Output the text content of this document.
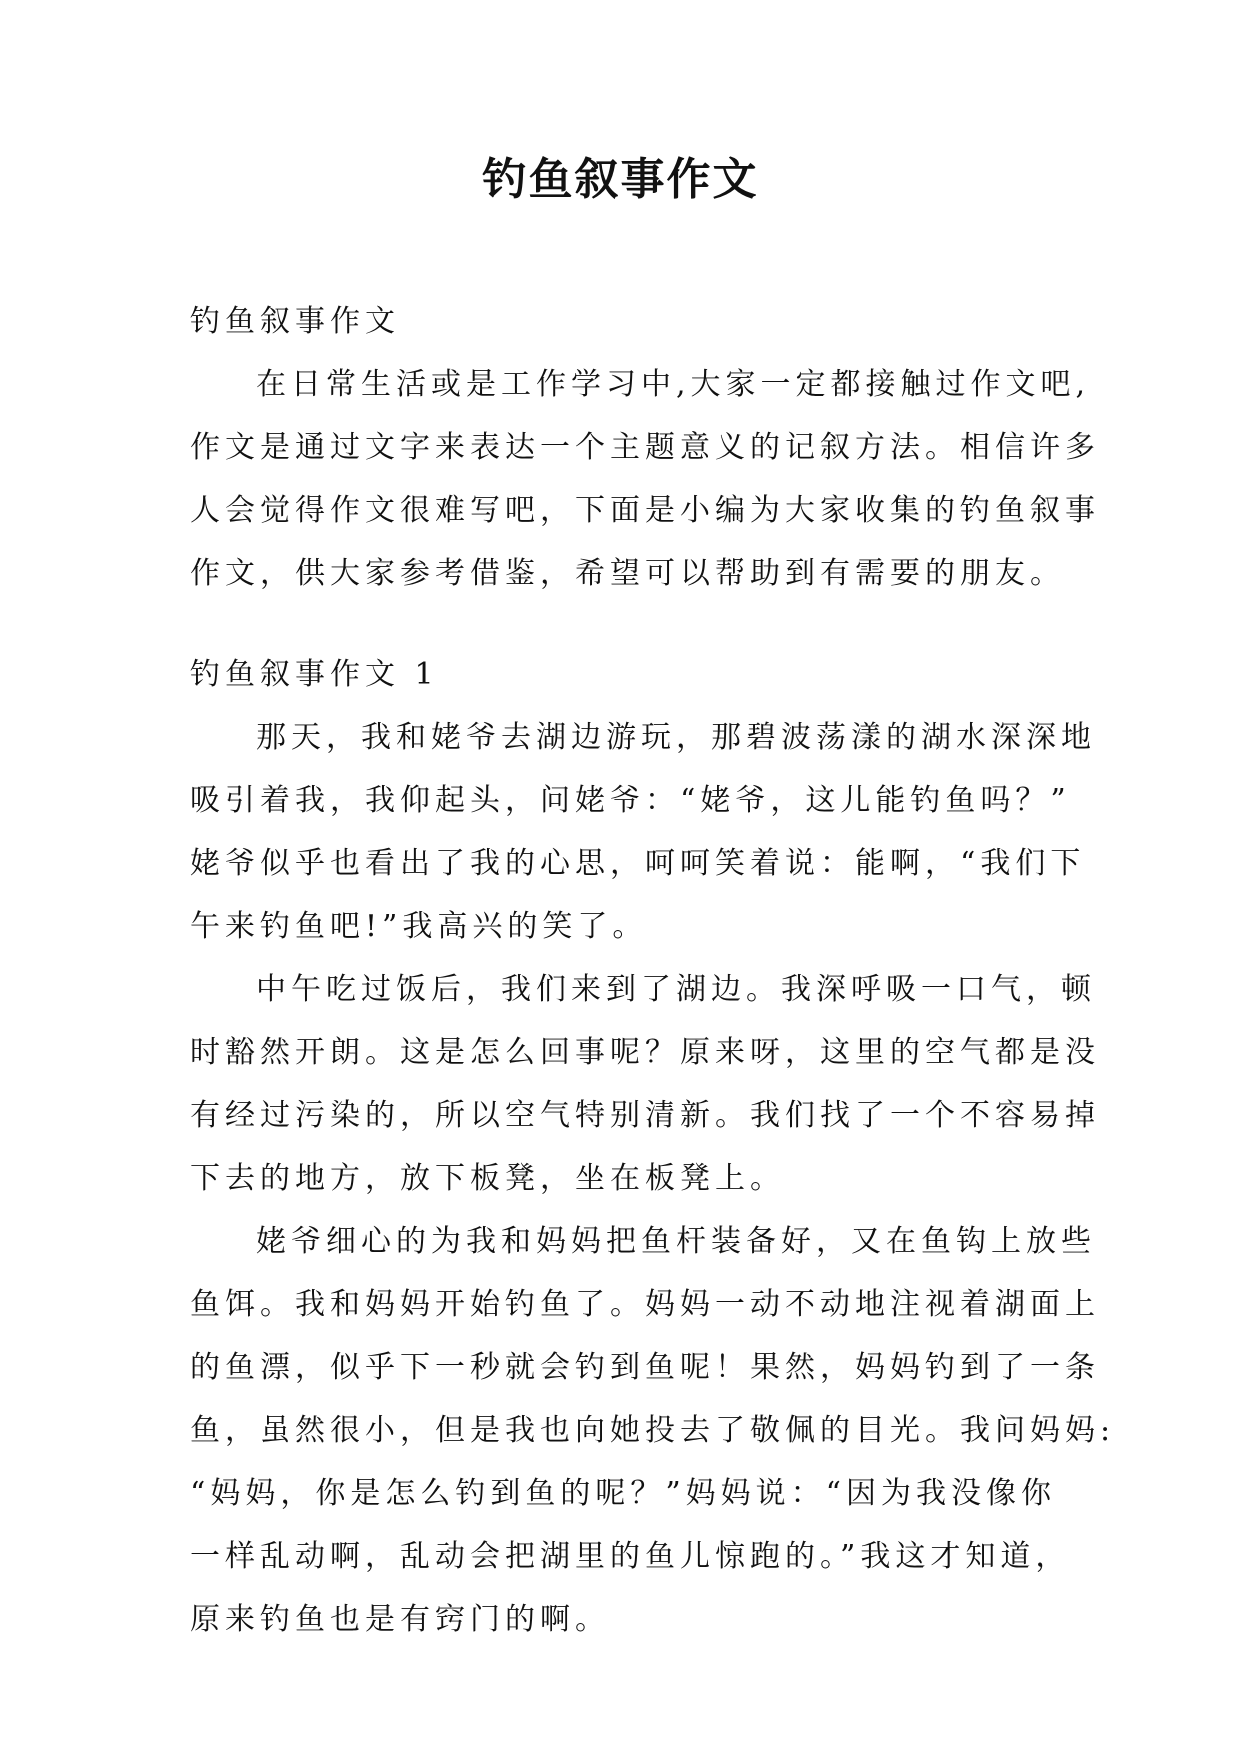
钓鱼叙事作文
钓鱼叙事作文
在日常生活或是工作学习中,大家一定都接触过作文吧,
作文是通过文字来表达一个主题意义的记叙方法。相信许多
人会觉得作文很难写吧，下面是小编为大家收集的钓鱼叙事
作文，供大家参考借鉴，希望可以帮助到有需要的朋友。
钓鱼叙事作文 1
那天，我和姥爷去湖边游玩，那碧波荡漾的湖水深深地
吸引着我，我仰起头，问姥爷：“姥爷，这儿能钓鱼吗？”
姥爷似乎也看出了我的心思，呵呵笑着说：能啊，“我们下
午来钓鱼吧!”我高兴的笑了。
中午吃过饭后，我们来到了湖边。我深呼吸一口气，顿
时豁然开朗。这是怎么回事呢？原来呀，这里的空气都是没
有经过污染的，所以空气特别清新。我们找了一个不容易掉
下去的地方，放下板凳，坐在板凳上。
姥爷细心的为我和妈妈把鱼杆装备好，又在鱼钩上放些
鱼饵。我和妈妈开始钓鱼了。妈妈一动不动地注视着湖面上
的鱼漂，似乎下一秒就会钓到鱼呢！果然，妈妈钓到了一条
鱼，虽然很小，但是我也向她投去了敬佩的目光。我问妈妈:
“妈妈，你是怎么钓到鱼的呢？”妈妈说：“因为我没像你
一样乱动啊，乱动会把湖里的鱼儿惊跑的。”我这才知道，
原来钓鱼也是有窍门的啊。
